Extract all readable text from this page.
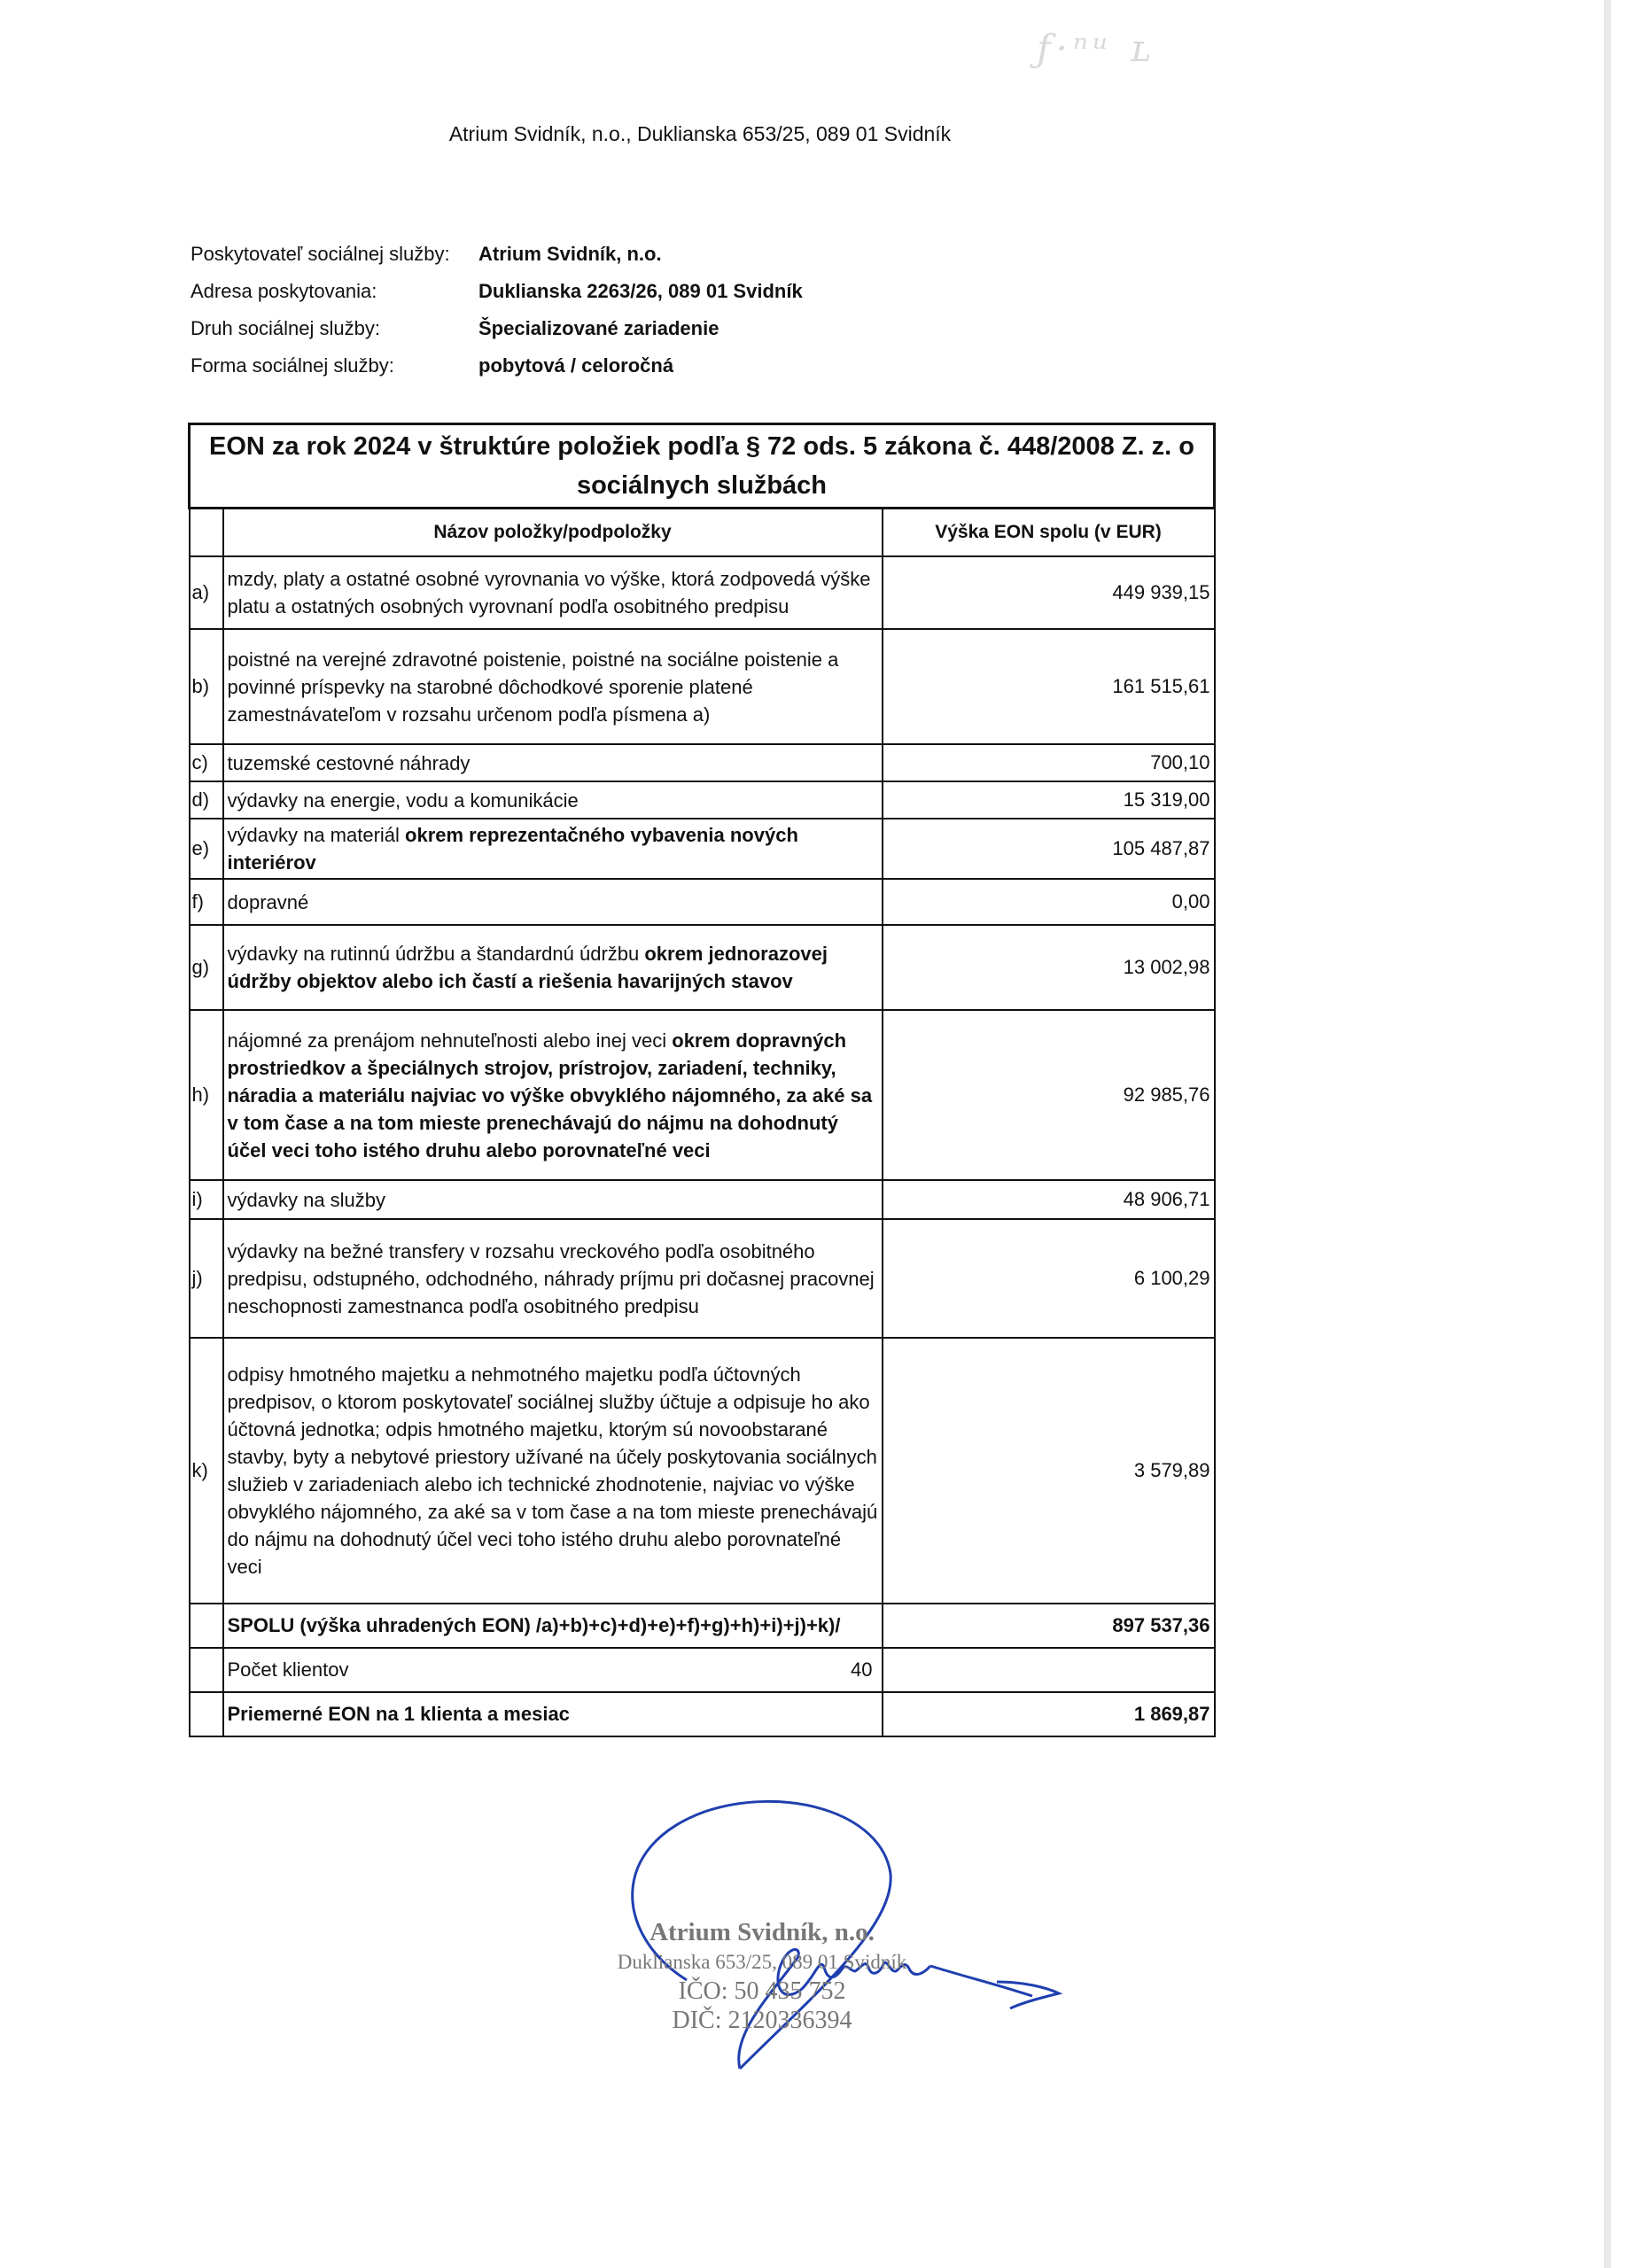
ƒ·ⁿᵘ ʟ
Atrium Svidník, n.o., Duklianska 653/25, 089 01 Svidník
Poskytovateľ sociálnej služby:	Atrium Svidník, n.o.
Adresa poskytovania:	Duklianska 2263/26, 089 01 Svidník
Druh sociálnej služby:	Špecializované zariadenie
Forma sociálnej služby:	pobytová / celoročná
EON za rok 2024 v štruktúre položiek podľa § 72 ods. 5 zákona č. 448/2008 Z. z. o sociálnych službách		
	Názov položky/podpoložky	Výška EON spolu (v EUR)
a)	mzdy, platy a ostatné osobné vyrovnania vo výške, ktorá zodpovedá výške platu a ostatných osobných vyrovnaní podľa osobitného predpisu	449 939,15
b)	poistné na verejné zdravotné poistenie, poistné na sociálne poistenie a povinné príspevky na starobné dôchodkové sporenie platené zamestnávateľom v rozsahu určenom podľa písmena a)	161 515,61
c)	tuzemské cestovné náhrady	700,10
d)	výdavky na energie, vodu a komunikácie	15 319,00
e)	výdavky na materiál okrem reprezentačného vybavenia nových interiérov	105 487,87
f)	dopravné	0,00
g)	výdavky na rutinnú údržbu a štandardnú údržbu okrem jednorazovej údržby objektov alebo ich častí a riešenia havarijných stavov	13 002,98
h)	nájomné za prenájom nehnuteľnosti alebo inej veci okrem dopravných prostriedkov a špeciálnych strojov, prístrojov, zariadení, techniky, náradia a materiálu najviac vo výške obvyklého nájomného, za aké sa v tom čase a na tom mieste prenechávajú do nájmu na dohodnutý účel veci toho istého druhu alebo porovnateľné veci	92 985,76
i)	výdavky na služby	48 906,71
j)	výdavky na bežné transfery v rozsahu vreckového podľa osobitného predpisu, odstupného, odchodného, náhrady príjmu pri dočasnej pracovnej neschopnosti zamestnanca podľa osobitného predpisu	6 100,29
k)	odpisy hmotného majetku a nehmotného majetku podľa účtovných predpisov, o ktorom poskytovateľ sociálnej služby účtuje a odpisuje ho ako účtovná jednotka; odpis hmotného majetku, ktorým sú novoobstarané stavby, byty a nebytové priestory užívané na účely poskytovania sociálnych služieb v zariadeniach alebo ich technické zhodnotenie, najviac vo výške obvyklého nájomného, za aké sa v tom čase a na tom mieste prenechávajú do nájmu na dohodnutý účel veci toho istého druhu alebo porovnateľné veci	3 579,89
	SPOLU (výška uhradených EON) /a)+b)+c)+d)+e)+f)+g)+h)+i)+j)+k)/	897 537,36
	Počet klientov 40	

	Priemerné EON na 1 klienta a mesiac	1 869,87
Atrium Svidník, n.o.
Duklianska 653/25, 089 01 Svidník
IČO: 50 435 752
DIČ: 2120336394
